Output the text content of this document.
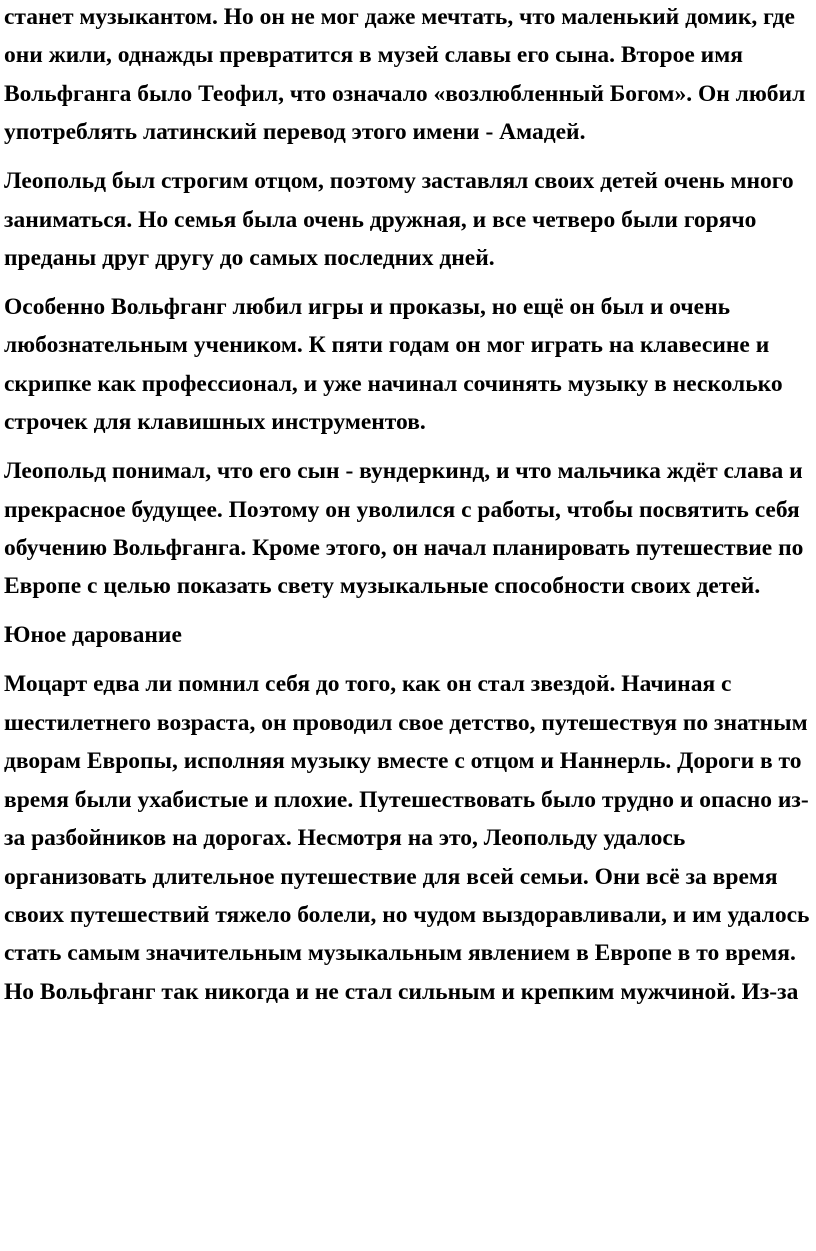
станет музыкантом. Но он не мог даже мечтать, что маленький домик, где они жили, однажды превратится в музей славы его сына. Второе имя Вольфганга было Теофил, что означало «возлюбленный Богом». Он любил употреблять латинский перевод этого имени - Амадей.

Леопольд был строгим отцом, поэтому заставлял своих детей очень много заниматься. Но семья была очень дружная, и все четверо были горячо преданы друг другу до самых последних дней.

Особенно Вольфганг любил игры и проказы, но ещё он был и очень любознательным учеником. К пяти годам он мог играть на клавесине и скрипке как профессионал, и уже начинал сочинять музыку в несколько строчек для клавишных инструментов.

Леопольд понимал, что его сын - вундеркинд, и что мальчика ждёт слава и прекрасное будущее. Поэтому он уволился с работы, чтобы посвятить себя обучению Вольфганга. Кроме этого, он начал планировать путешествие по Европе с целью показать свету музыкальные способности своих детей.

Юное дарование

Моцарт едва ли помнил себя до того, как он стал звездой. Начиная с шестилетнего возраста, он проводил свое детство, путешествуя по знатным дворам Европы, исполняя музыку вместе с отцом и Наннерль. Дороги в то время были ухабистые и плохие. Путешествовать было трудно и опасно из-за разбойников на дорогах. Несмотря на это, Леопольду удалось организовать длительное путешествие для всей семьи. Они всё за время своих путешествий тяжело болели, но чудом выздоравливали, и им удалось стать самым значительным музыкальным явлением в Европе в то время. Но Вольфганг так никогда и не стал сильным и крепким мужчиной. Из-за
